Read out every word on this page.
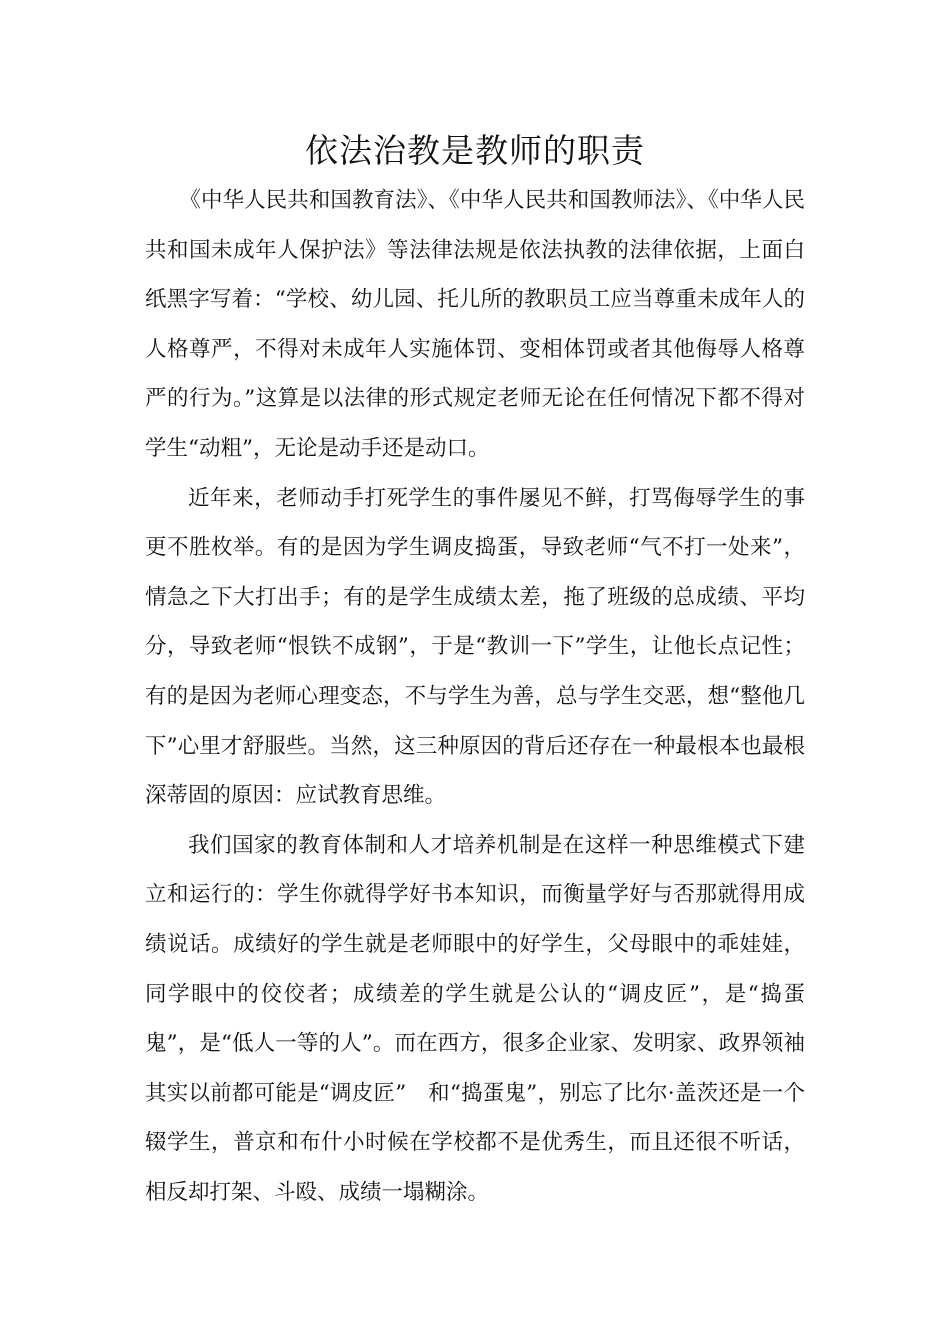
依法治教是教师的职责

《中华人民共和国教育法》、《中华人民共和国教师法》、《中华人民共和国未成年人保护法》等法律法规是依法执教的法律依据，上面白纸黑字写着：“学校、幼儿园、托儿所的教职员工应当尊重未成年人的人格尊严，不得对未成年人实施体罚、变相体罚或者其他侮辱人格尊严的行为。”这算是以法律的形式规定老师无论在任何情况下都不得对学生“动粗”，无论是动手还是动口。

近年来，老师动手打死学生的事件屡见不鲜，打骂侮辱学生的事更不胜枚举。有的是因为学生调皮捣蛋，导致老师“气不打一处来”，情急之下大打出手；有的是学生成绩太差，拖了班级的总成绩、平均分，导致老师“恨铁不成钢”，于是“教训一下”学生，让他长点记性；有的是因为老师心理变态，不与学生为善，总与学生交恶，想“整他几下”心里才舒服些。当然，这三种原因的背后还存在一种最根本也最根深蒂固的原因：应试教育思维。

我们国家的教育体制和人才培养机制是在这样一种思维模式下建立和运行的：学生你就得学好书本知识，而衡量学好与否那就得用成绩说话。成绩好的学生就是老师眼中的好学生，父母眼中的乖娃娃，同学眼中的佼佼者；成绩差的学生就是公认的“调皮匠”，是“捣蛋鬼”，是“低人一等的人”。而在西方，很多企业家、发明家、政界领袖其实以前都可能是“调皮匠”　和“捣蛋鬼”，别忘了比尔·盖茨还是一个辍学生，普京和布什小时候在学校都不是优秀生，而且还很不听话，相反却打架、斗殴、成绩一塌糊涂。
